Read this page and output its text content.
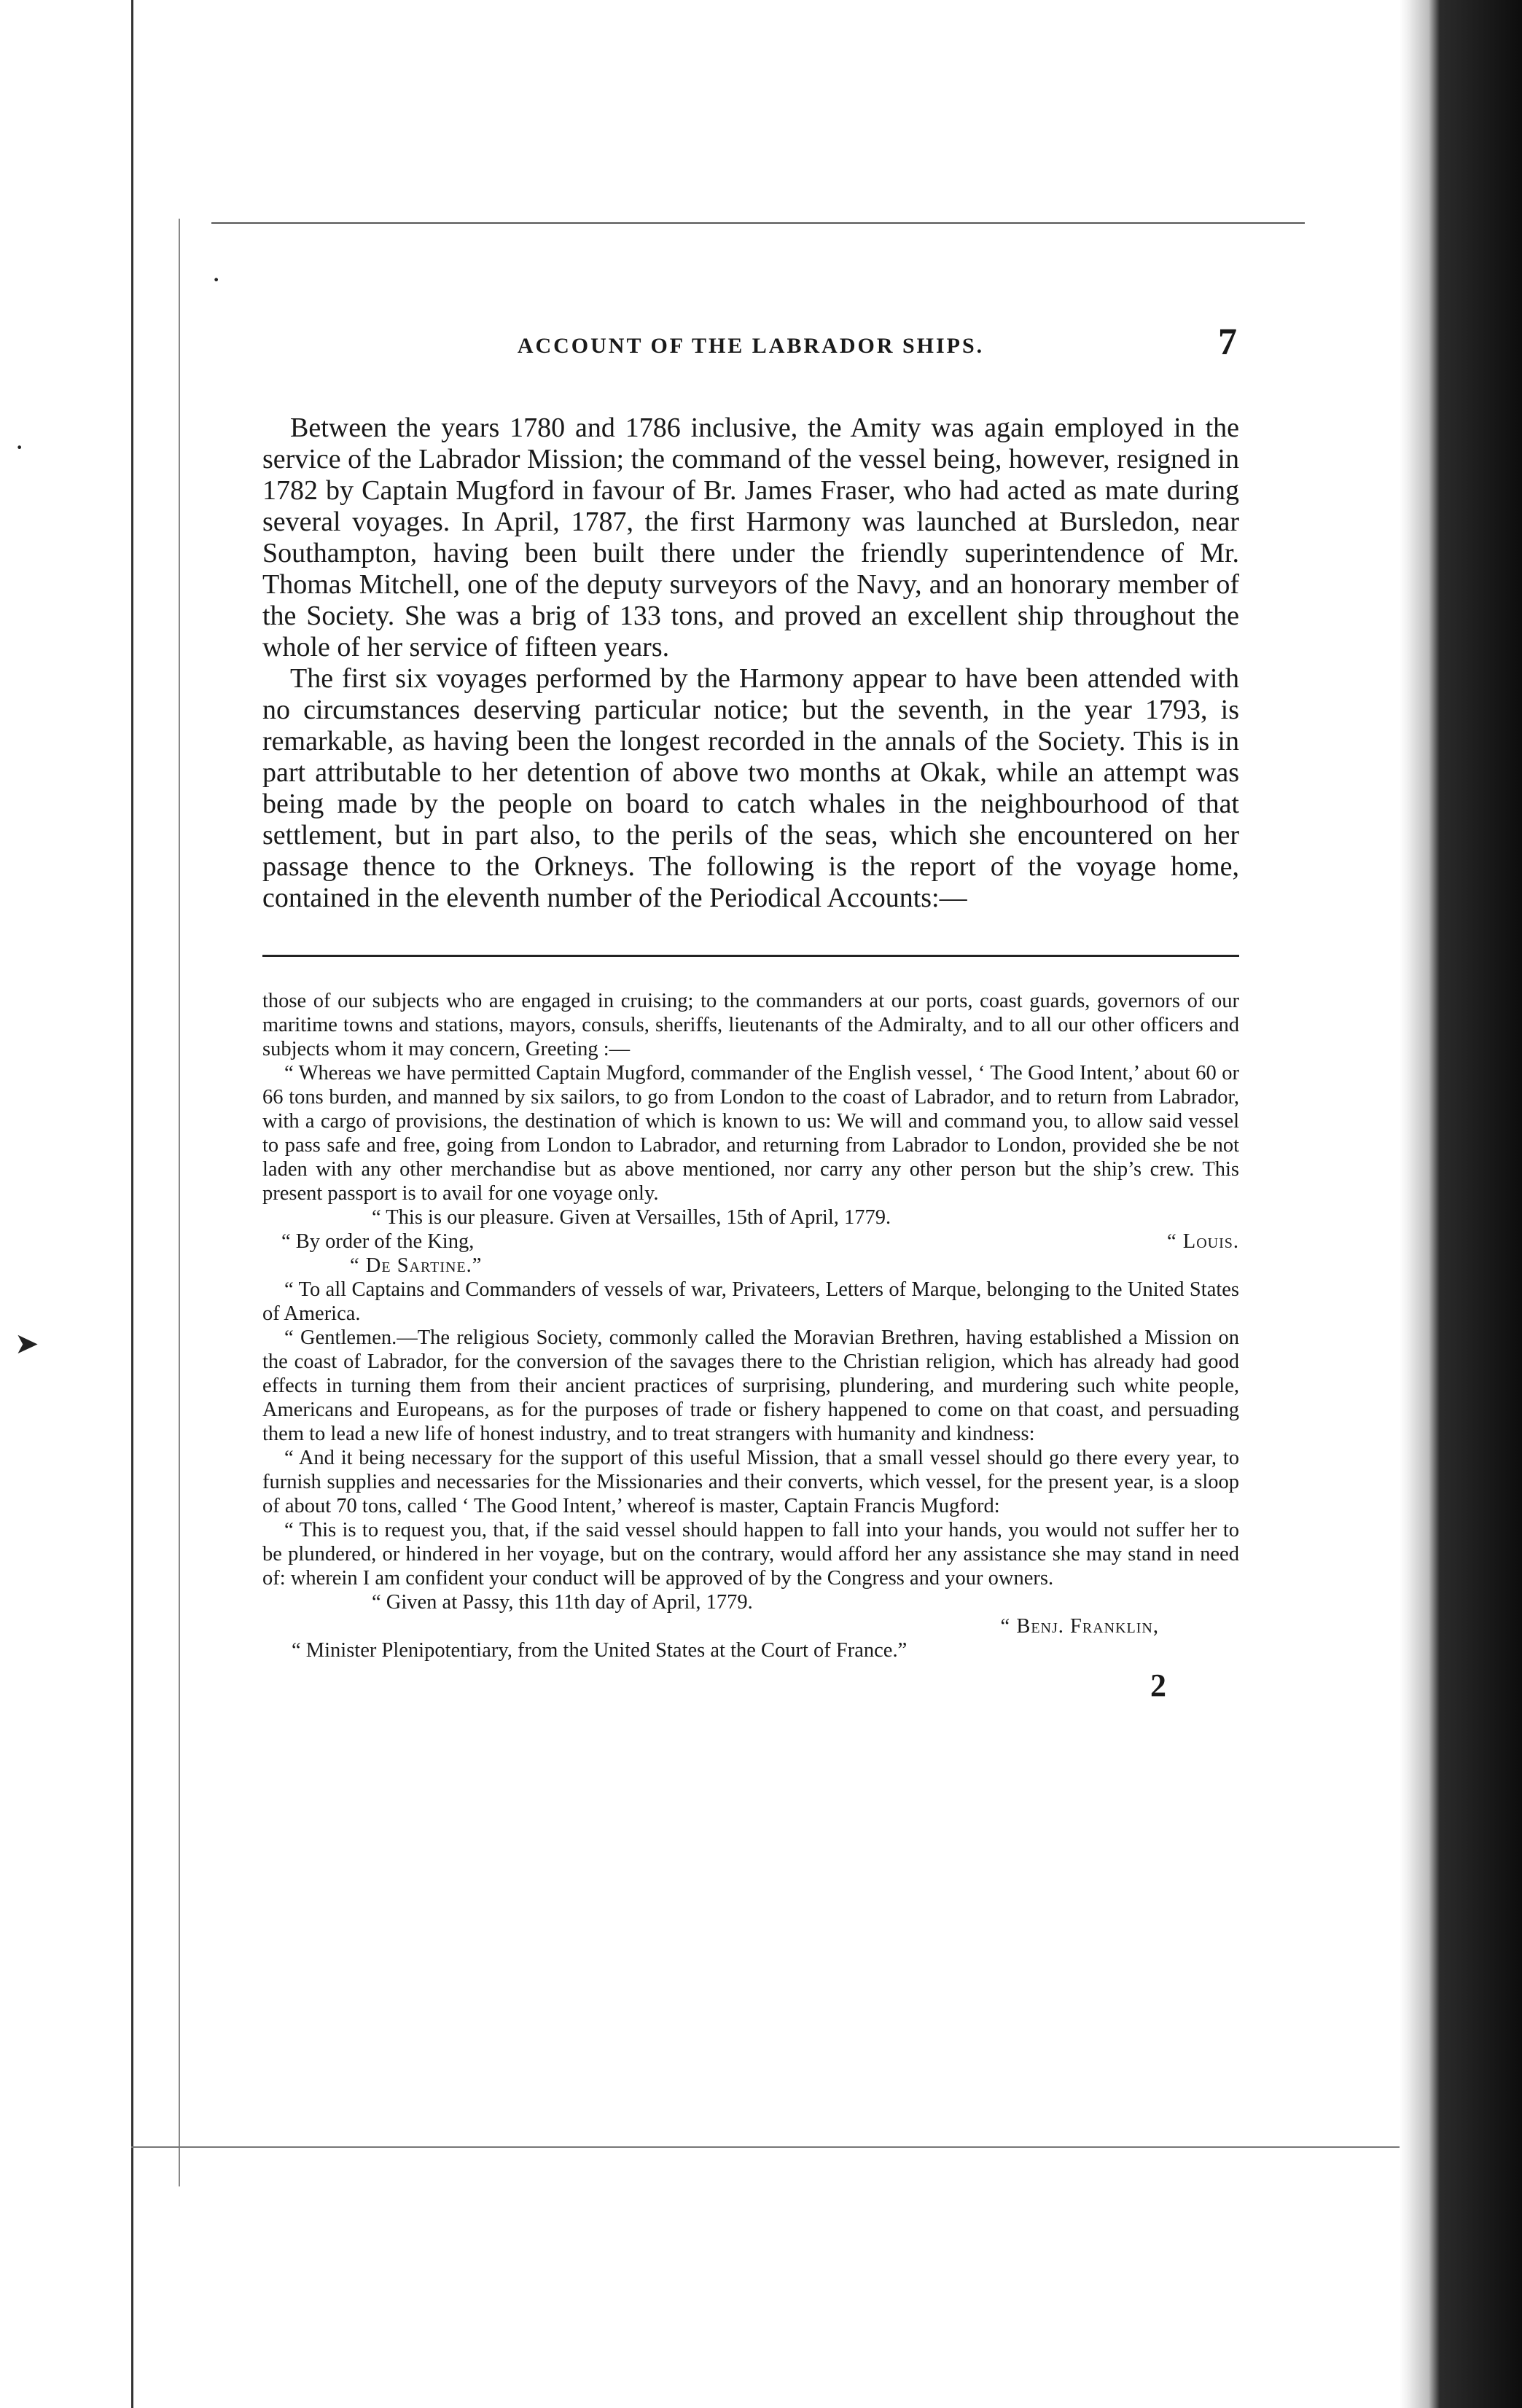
·
➤
·
ACCOUNT OF THE LABRADOR SHIPS.	7

Between the years 1780 and 1786 inclusive, the Amity was again employed in the service of the Labrador Mission; the command of the vessel being, however, resigned in 1782 by Captain Mugford in favour of Br. James Fraser, who had acted as mate during several voyages. In April, 1787, the first Harmony was launched at Bursledon, near Southampton, having been built there under the friendly superintendence of Mr. Thomas Mitchell, one of the deputy surveyors of the Navy, and an honorary member of the Society. She was a brig of 133 tons, and proved an excellent ship throughout the whole of her service of fifteen years.

The first six voyages performed by the Harmony appear to have been attended with no circumstances deserving particular notice; but the seventh, in the year 1793, is remarkable, as having been the longest recorded in the annals of the Society. This is in part attributable to her detention of above two months at Okak, while an attempt was being made by the people on board to catch whales in the neighbourhood of that settlement, but in part also, to the perils of the seas, which she encountered on her passage thence to the Orkneys. The following is the report of the voyage home, contained in the eleventh number of the Periodical Accounts:—

those of our subjects who are engaged in cruising; to the commanders at our ports, coast guards, governors of our maritime towns and stations, mayors, consuls, sheriffs, lieutenants of the Admiralty, and to all our other officers and subjects whom it may concern, Greeting :—

“ Whereas we have permitted Captain Mugford, commander of the English vessel, ‘ The Good Intent,’ about 60 or 66 tons burden, and manned by six sailors, to go from London to the coast of Labrador, and to return from Labrador, with a cargo of provisions, the destination of which is known to us: We will and command you, to allow said vessel to pass safe and free, going from London to Labrador, and returning from Labrador to London, provided she be not laden with any other merchandise but as above mentioned, nor carry any other person but the ship’s crew. This present passport is to avail for one voyage only.

“ This is our pleasure. Given at Versailles, 15th of April, 1779.

“ By order of the King,	“ Louis.

“ De Sartine.”

“ To all Captains and Commanders of vessels of war, Privateers, Letters of Marque, belonging to the United States of America.

“ Gentlemen.—The religious Society, commonly called the Moravian Brethren, having established a Mission on the coast of Labrador, for the conversion of the savages there to the Christian religion, which has already had good effects in turning them from their ancient practices of surprising, plundering, and murdering such white people, Americans and Europeans, as for the purposes of trade or fishery happened to come on that coast, and persuading them to lead a new life of honest industry, and to treat strangers with humanity and kindness:

“ And it being necessary for the support of this useful Mission, that a small vessel should go there every year, to furnish supplies and necessaries for the Missionaries and their converts, which vessel, for the present year, is a sloop of about 70 tons, called ‘ The Good Intent,’ whereof is master, Captain Francis Mugford:

“ This is to request you, that, if the said vessel should happen to fall into your hands, you would not suffer her to be plundered, or hindered in her voyage, but on the contrary, would afford her any assistance she may stand in need of: wherein I am confident your conduct will be approved of by the Congress and your owners.

“ Given at Passy, this 11th day of April, 1779.

“ Benj. Franklin,

“ Minister Plenipotentiary, from the United States at the Court of France.”

2
